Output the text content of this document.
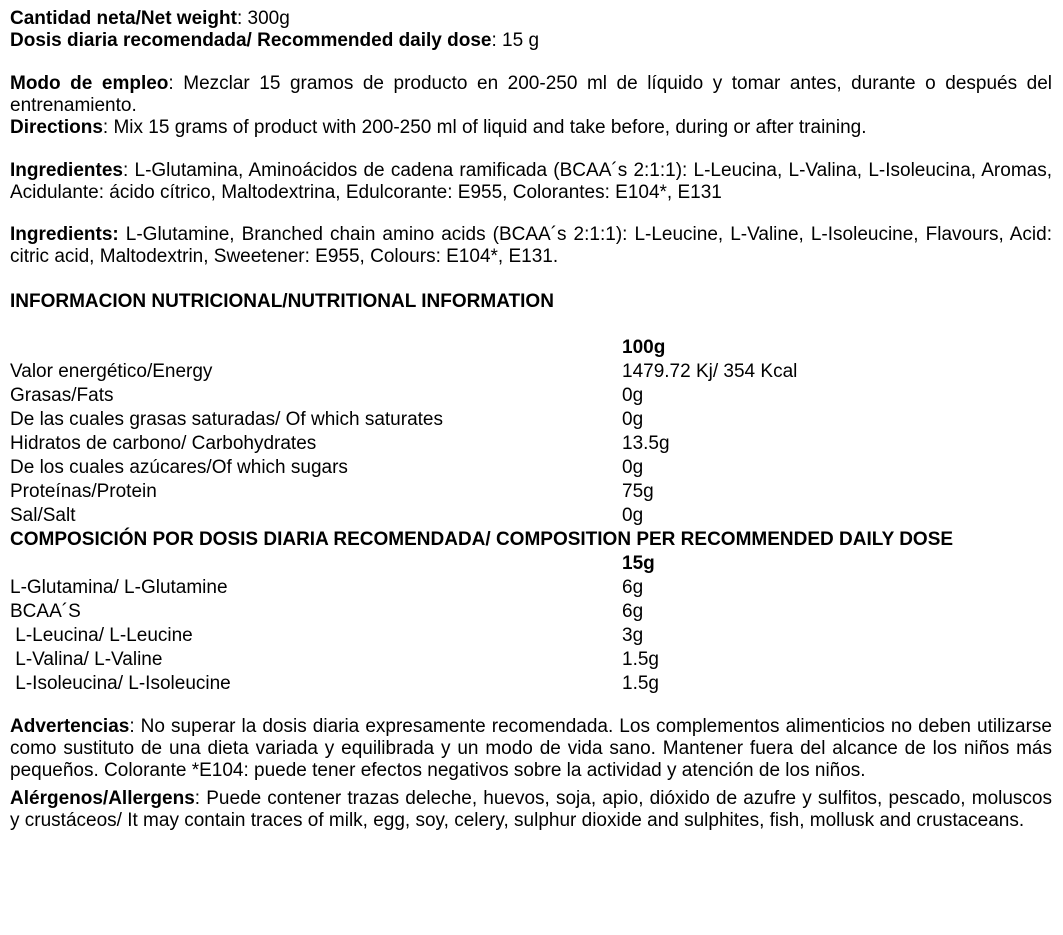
Cantidad neta/Net weight: 300g
Dosis diaria recomendada/ Recommended daily dose: 15 g
Modo de empleo: Mezclar 15 gramos de producto en 200-250 ml de líquido y tomar antes, durante o después del entrenamiento.
Directions: Mix 15 grams of product with 200-250 ml of liquid and take before, during or after training.
Ingredientes: L-Glutamina, Aminoácidos de cadena ramificada (BCAA´s 2:1:1): L-Leucina, L-Valina, L-Isoleucina, Aromas, Acidulante: ácido cítrico, Maltodextrina, Edulcorante: E955, Colorantes: E104*, E131
Ingredients: L-Glutamine, Branched chain amino acids (BCAA´s 2:1:1): L-Leucine, L-Valine, L-Isoleucine, Flavours, Acid: citric acid, Maltodextrin, Sweetener: E955, Colours: E104*, E131.
INFORMACION NUTRICIONAL/NUTRITIONAL INFORMATION
100g
Valor energético/Energy	1479.72 Kj/ 354 Kcal
Grasas/Fats	0g
De las cuales grasas saturadas/ Of which saturates	0g
Hidratos de carbono/ Carbohydrates	13.5g
De los cuales azúcares/Of which sugars	0g
Proteínas/Protein	75g
Sal/Salt	0g
COMPOSICIÓN POR DOSIS DIARIA RECOMENDADA/ COMPOSITION PER RECOMMENDED DAILY DOSE
15g
L-Glutamina/ L-Glutamine	6g
BCAA´S	6g
L-Leucina/ L-Leucine	3g
L-Valina/ L-Valine	1.5g
L-Isoleucina/ L-Isoleucine	1.5g
Advertencias: No superar la dosis diaria expresamente recomendada. Los complementos alimenticios no deben utilizarse como sustituto de una dieta variada y equilibrada y un modo de vida sano. Mantener fuera del alcance de los niños más pequeños. Colorante *E104: puede tener efectos negativos sobre la actividad y atención de los niños.
Alérgenos/Allergens: Puede contener trazas deleche, huevos, soja, apio, dióxido de azufre y sulfitos, pescado, moluscos y crustáceos/ It may contain traces of milk, egg, soy, celery, sulphur dioxide and sulphites, fish, mollusk and crustaceans.
